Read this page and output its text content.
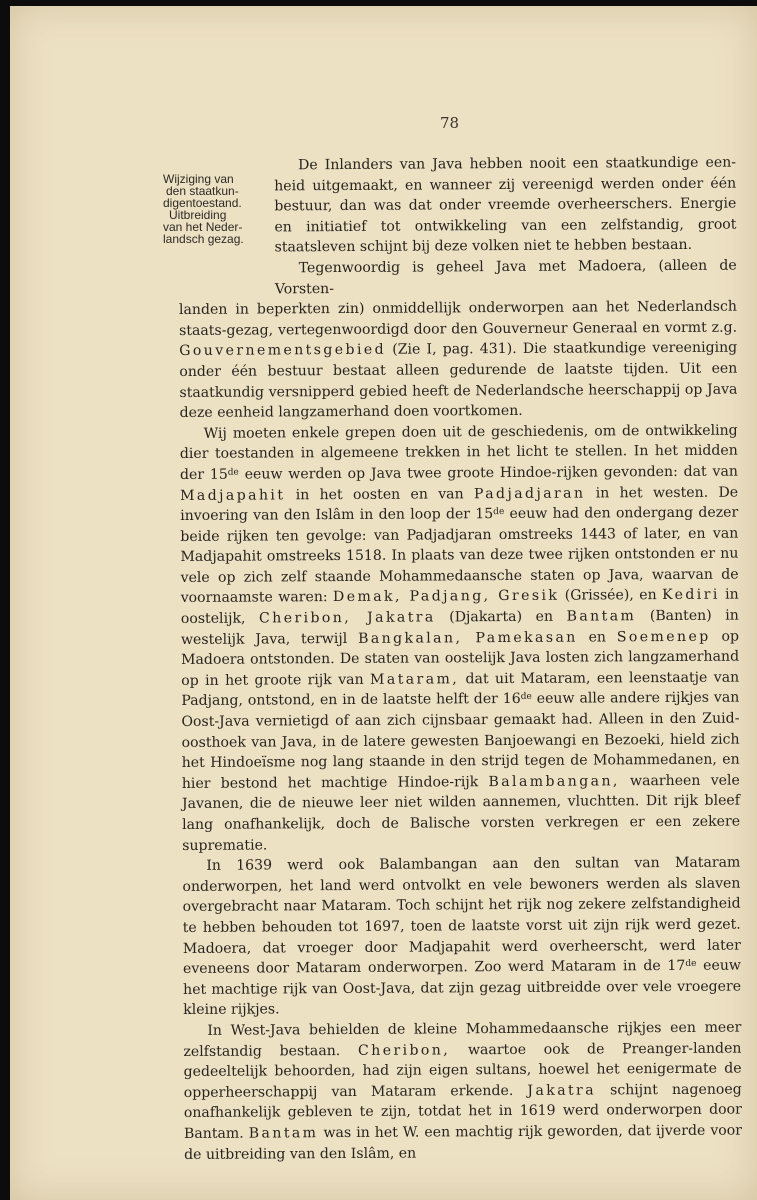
78
Wijziging van
den staatkun-
digentoestand.
Uitbreiding
van het Neder-
landsch gezag.

De Inlanders van Java hebben nooit een staatkundige een- heid uitgemaakt, en wanneer zij vereenigd werden onder één bestuur, dan was dat onder vreemde overheerschers. Energie en initiatief tot ontwikkeling van een zelfstandig, groot staatsleven schijnt bij deze volken niet te hebben bestaan.

Tegenwoordig is geheel Java met Madoera, (alleen de Vorsten-

landen in beperkten zin) onmiddellijk onderworpen aan het Nederlandsch staats-gezag, vertegenwoordigd door den Gouverneur Generaal en vormt z.g. Gouvernementsgebied (Zie I, pag. 431). Die staatkundige vereeniging onder één bestuur bestaat alleen gedurende de laatste tijden. Uit een staatkundig versnipperd gebied heeft de Nederlandsche heerschappij op Java deze eenheid langzamerhand doen voortkomen.

Wij moeten enkele grepen doen uit de geschiedenis, om de ontwikkeling dier toestanden in algemeene trekken in het licht te stellen. In het midden der 15de eeuw werden op Java twee groote Hindoe-rijken gevonden: dat van Madjapahit in het oosten en van Padjadjaran in het westen. De invoering van den Islâm in den loop der 15de eeuw had den ondergang dezer beide rijken ten gevolge: van Padjadjaran omstreeks 1443 of later, en van Madjapahit omstreeks 1518. In plaats van deze twee rijken ontstonden er nu vele op zich zelf staande Mohammedaansche staten op Java, waarvan de voornaamste waren: Demak, Padjang, Gresik (Grissée), en Kediri in oostelijk, Cheribon, Jakatra (Djakarta) en Bantam (Banten) in westelijk Java, terwijl Bangkalan, Pamekasan en Soemenep op Madoera ontstonden. De staten van oostelijk Java losten zich langzamerhand op in het groote rijk van Mataram, dat uit Mataram, een leenstaatje van Padjang, ontstond, en in de laatste helft der 16de eeuw alle andere rijkjes van Oost-Java vernietigd of aan zich cijnsbaar gemaakt had. Alleen in den Zuid-oosthoek van Java, in de latere gewesten Banjoewangi en Bezoeki, hield zich het Hindoeïsme nog lang staande in den strijd tegen de Mohammedanen, en hier bestond het machtige Hindoe-rijk Balambangan, waarheen vele Javanen, die de nieuwe leer niet wilden aannemen, vluchtten. Dit rijk bleef lang onafhankelijk, doch de Balische vorsten verkregen er een zekere suprematie.

In 1639 werd ook Balambangan aan den sultan van Mataram onderworpen, het land werd ontvolkt en vele bewoners werden als slaven overgebracht naar Mataram. Toch schijnt het rijk nog zekere zelfstandigheid te hebben behouden tot 1697, toen de laatste vorst uit zijn rijk werd gezet. Madoera, dat vroeger door Madjapahit werd overheerscht, werd later eveneens door Mataram onderworpen. Zoo werd Mataram in de 17de eeuw het machtige rijk van Oost-Java, dat zijn gezag uitbreidde over vele vroegere kleine rijkjes.

In West-Java behielden de kleine Mohammedaansche rijkjes een meer zelfstandig bestaan. Cheribon, waartoe ook de Preanger-landen gedeeltelijk behoorden, had zijn eigen sultans, hoewel het eenigermate de opperheerschappij van Mataram erkende. Jakatra schijnt nagenoeg onafhankelijk gebleven te zijn, totdat het in 1619 werd onderworpen door Bantam. Bantam was in het W. een machtig rijk geworden, dat ijverde voor de uitbreiding van den Islâm, en
